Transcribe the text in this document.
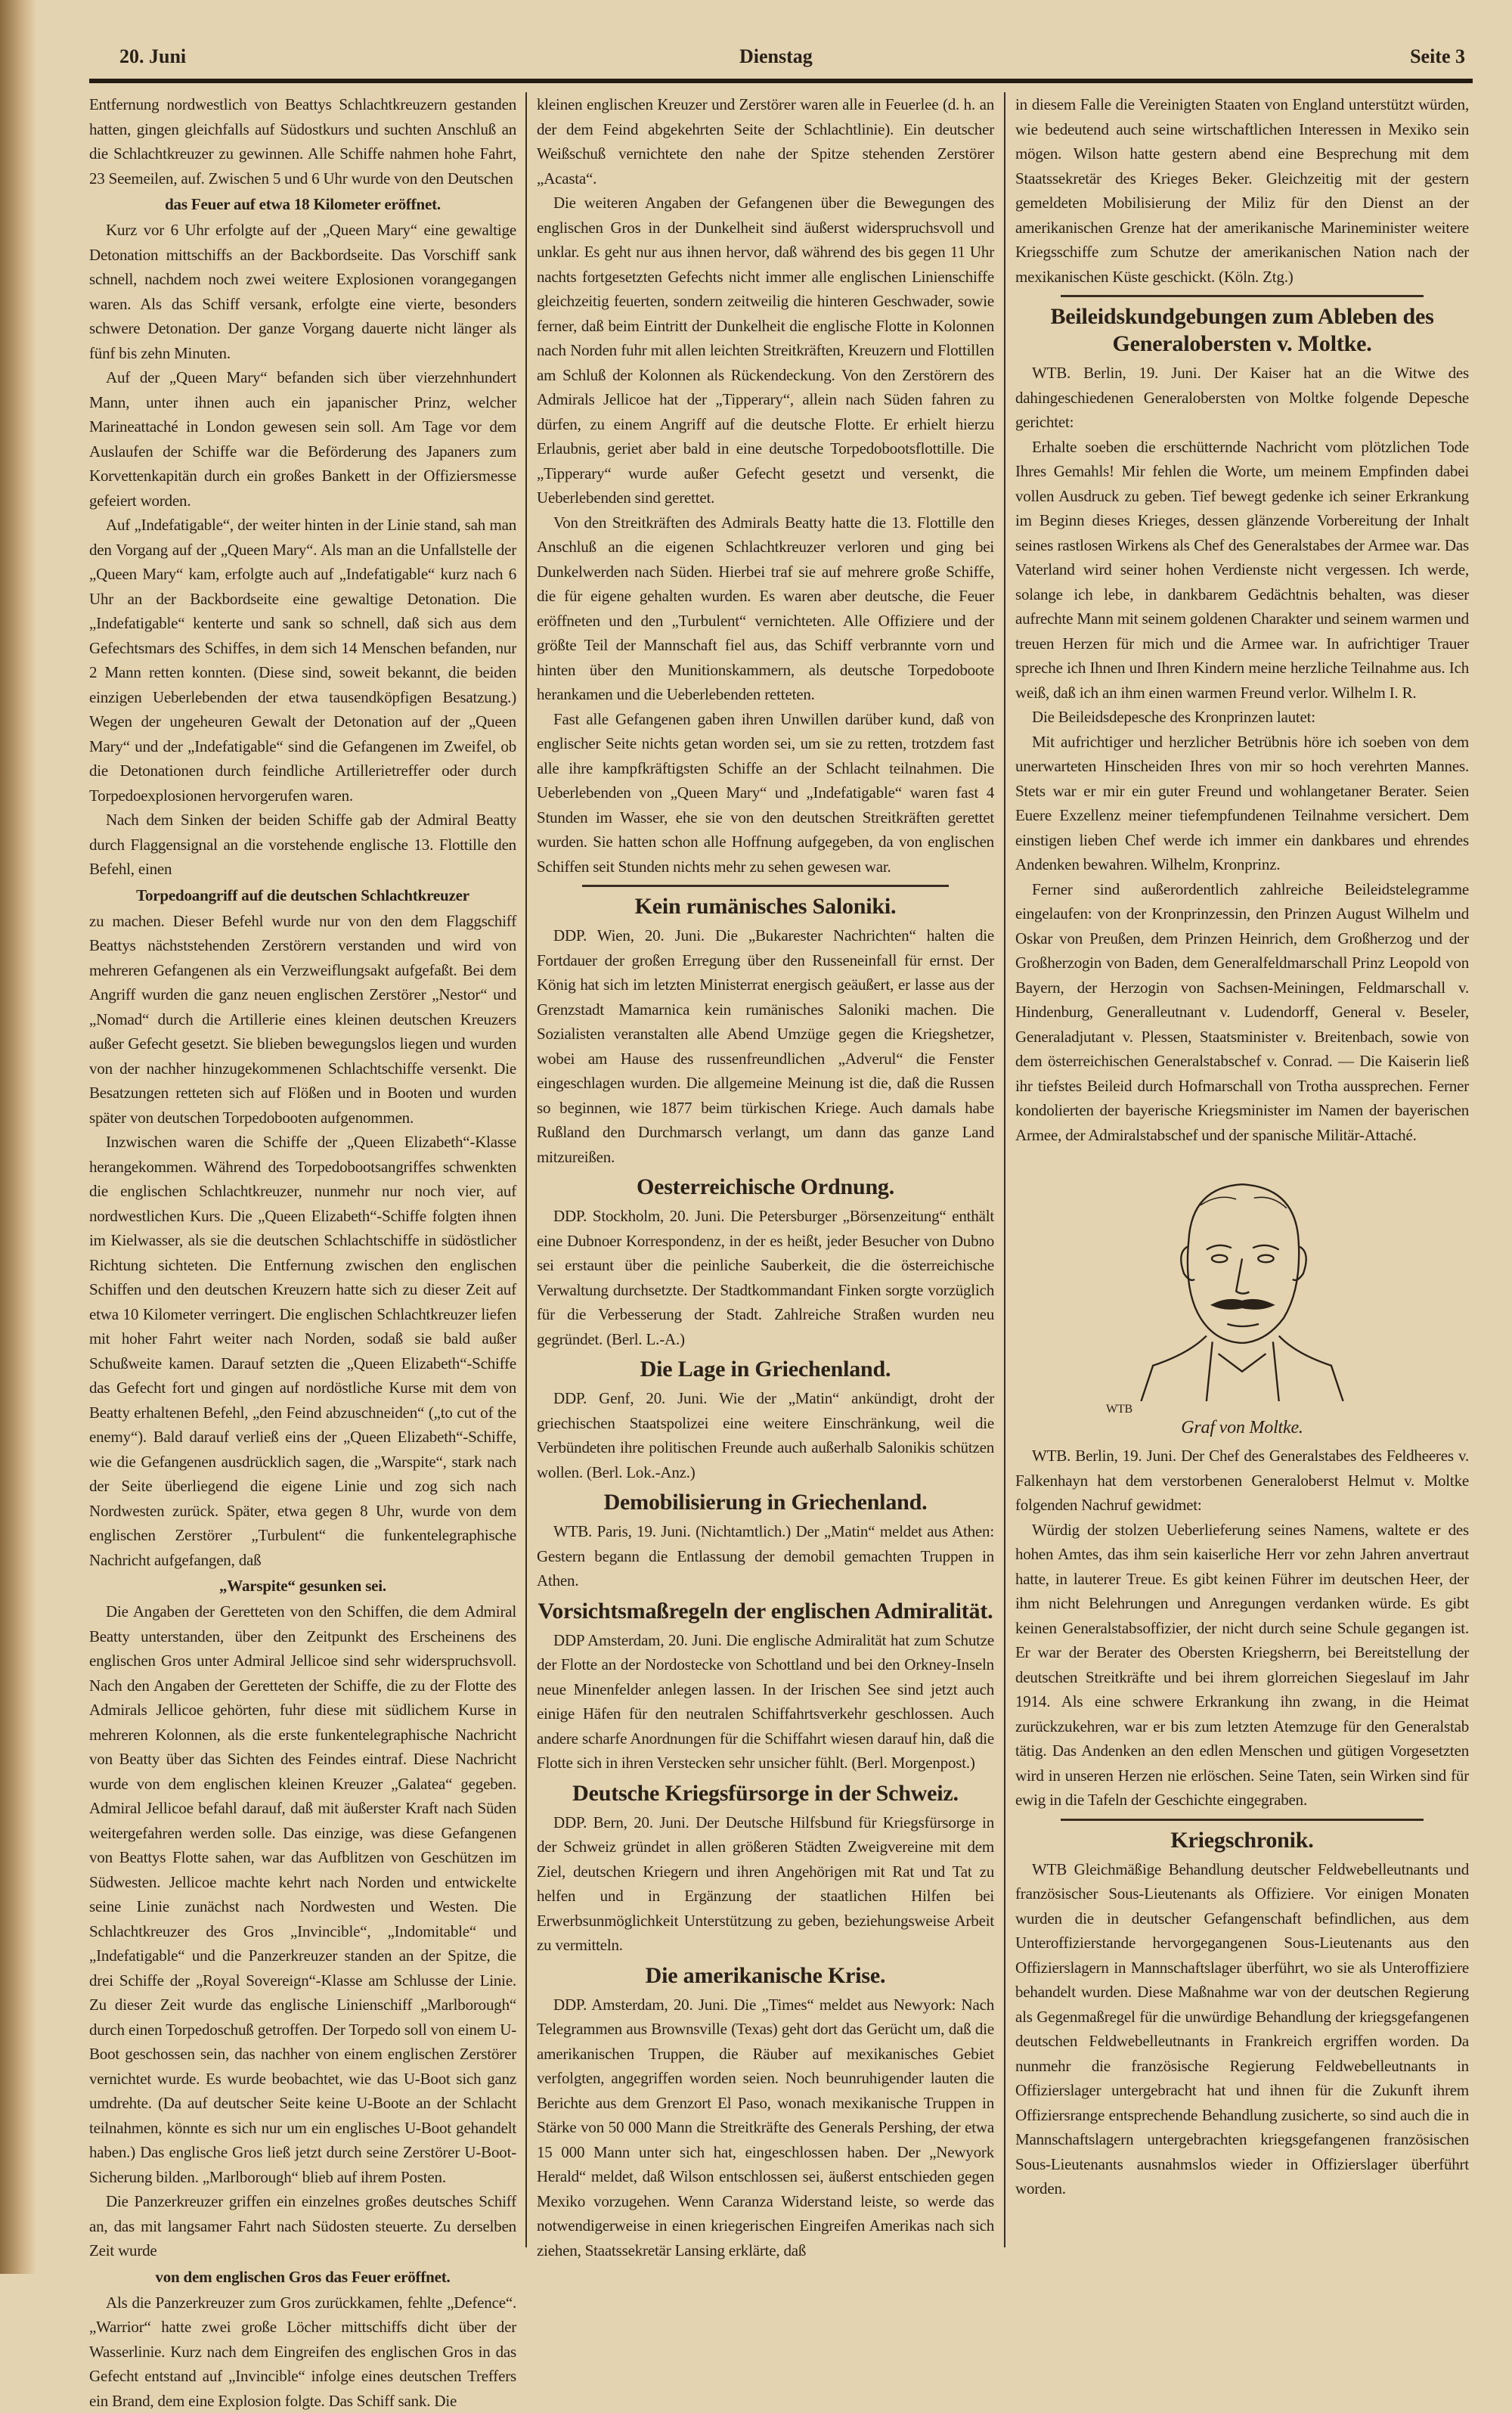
20. Juni	Dienstag	Seite 3

Entfernung nordwestlich von Beattys Schlachtkreuzern gestanden hatten, gingen gleichfalls auf Südostkurs und suchten Anschluß an die Schlachtkreuzer zu gewinnen. Alle Schiffe nahmen hohe Fahrt, 23 Seemeilen, auf. Zwischen 5 und 6 Uhr wurde von den Deutschen

das Feuer auf etwa 18 Kilometer eröffnet.

Kurz vor 6 Uhr erfolgte auf der „Queen Mary“ eine gewaltige Detonation mittschiffs an der Backbordseite. Das Vorschiff sank schnell, nachdem noch zwei weitere Explosionen vorangegangen waren. Als das Schiff versank, erfolgte eine vierte, besonders schwere Detonation. Der ganze Vorgang dauerte nicht länger als fünf bis zehn Minuten.

Auf der „Queen Mary“ befanden sich über vierzehnhundert Mann, unter ihnen auch ein japanischer Prinz, welcher Marineattaché in London gewesen sein soll. Am Tage vor dem Auslaufen der Schiffe war die Beförderung des Japaners zum Korvettenkapitän durch ein großes Bankett in der Offiziersmesse gefeiert worden.

Auf „Indefatigable“, der weiter hinten in der Linie stand, sah man den Vorgang auf der „Queen Mary“. Als man an die Unfallstelle der „Queen Mary“ kam, erfolgte auch auf „Indefatigable“ kurz nach 6 Uhr an der Backbordseite eine gewaltige Detonation. Die „Indefatigable“ kenterte und sank so schnell, daß sich aus dem Gefechtsmars des Schiffes, in dem sich 14 Menschen befanden, nur 2 Mann retten konnten. (Diese sind, soweit bekannt, die beiden einzigen Ueberlebenden der etwa tausendköpfigen Besatzung.) Wegen der ungeheuren Gewalt der Detonation auf der „Queen Mary“ und der „Indefatigable“ sind die Gefangenen im Zweifel, ob die Detonationen durch feindliche Artillerietreffer oder durch Torpedoexplosionen hervorgerufen waren.

Nach dem Sinken der beiden Schiffe gab der Admiral Beatty durch Flaggensignal an die vorstehende englische 13. Flottille den Befehl, einen

Torpedoangriff auf die deutschen Schlachtkreuzer

zu machen. Dieser Befehl wurde nur von den dem Flaggschiff Beattys nächststehenden Zerstörern verstanden und wird von mehreren Gefangenen als ein Verzweiflungsakt aufgefaßt. Bei dem Angriff wurden die ganz neuen englischen Zerstörer „Nestor“ und „Nomad“ durch die Artillerie eines kleinen deutschen Kreuzers außer Gefecht gesetzt. Sie blieben bewegungslos liegen und wurden von der nachher hinzugekommenen Schlachtschiffe versenkt. Die Besatzungen retteten sich auf Flößen und in Booten und wurden später von deutschen Torpedobooten aufgenommen.

Inzwischen waren die Schiffe der „Queen Elizabeth“-Klasse herangekommen. Während des Torpedobootsangriffes schwenkten die englischen Schlachtkreuzer, nunmehr nur noch vier, auf nordwestlichen Kurs. Die „Queen Elizabeth“-Schiffe folgten ihnen im Kielwasser, als sie die deutschen Schlachtschiffe in südöstlicher Richtung sichteten. Die Entfernung zwischen den englischen Schiffen und den deutschen Kreuzern hatte sich zu dieser Zeit auf etwa 10 Kilometer verringert. Die englischen Schlachtkreuzer liefen mit hoher Fahrt weiter nach Norden, sodaß sie bald außer Schußweite kamen. Darauf setzten die „Queen Elizabeth“-Schiffe das Gefecht fort und gingen auf nordöstliche Kurse mit dem von Beatty erhaltenen Befehl, „den Feind abzuschneiden“ („to cut of the enemy“). Bald darauf verließ eins der „Queen Elizabeth“-Schiffe, wie die Gefangenen ausdrücklich sagen, die „Warspite“, stark nach der Seite überliegend die eigene Linie und zog sich nach Nordwesten zurück. Später, etwa gegen 8 Uhr, wurde von dem englischen Zerstörer „Turbulent“ die funkentelegraphische Nachricht aufgefangen, daß

„Warspite“ gesunken sei.

Die Angaben der Geretteten von den Schiffen, die dem Admiral Beatty unterstanden, über den Zeitpunkt des Erscheinens des englischen Gros unter Admiral Jellicoe sind sehr widerspruchsvoll. Nach den Angaben der Geretteten der Schiffe, die zu der Flotte des Admirals Jellicoe gehörten, fuhr diese mit südlichem Kurse in mehreren Kolonnen, als die erste funkentelegraphische Nachricht von Beatty über das Sichten des Feindes eintraf. Diese Nachricht wurde von dem englischen kleinen Kreuzer „Galatea“ gegeben. Admiral Jellicoe befahl darauf, daß mit äußerster Kraft nach Süden weitergefahren werden solle. Das einzige, was diese Gefangenen von Beattys Flotte sahen, war das Aufblitzen von Geschützen im Südwesten. Jellicoe machte kehrt nach Norden und entwickelte seine Linie zunächst nach Nordwesten und Westen. Die Schlachtkreuzer des Gros „Invincible“, „Indomitable“ und „Indefatigable“ und die Panzerkreuzer standen an der Spitze, die drei Schiffe der „Royal Sovereign“-Klasse am Schlusse der Linie. Zu dieser Zeit wurde das englische Linienschiff „Marlborough“ durch einen Torpedoschuß getroffen. Der Torpedo soll von einem U-Boot geschossen sein, das nachher von einem englischen Zerstörer vernichtet wurde. Es wurde beobachtet, wie das U-Boot sich ganz umdrehte. (Da auf deutscher Seite keine U-Boote an der Schlacht teilnahmen, könnte es sich nur um ein englisches U-Boot gehandelt haben.) Das englische Gros ließ jetzt durch seine Zerstörer U-Boot-Sicherung bilden. „Marlborough“ blieb auf ihrem Posten.

Die Panzerkreuzer griffen ein einzelnes großes deutsches Schiff an, das mit langsamer Fahrt nach Südosten steuerte. Zu derselben Zeit wurde

von dem englischen Gros das Feuer eröffnet.

Als die Panzerkreuzer zum Gros zurückkamen, fehlte „Defence“. „Warrior“ hatte zwei große Löcher mittschiffs dicht über der Wasserlinie. Kurz nach dem Eingreifen des englischen Gros in das Gefecht entstand auf „Invincible“ infolge eines deutschen Treffers ein Brand, dem eine Explosion folgte. Das Schiff sank. Die

kleinen englischen Kreuzer und Zerstörer waren alle in Feuerlee (d. h. an der dem Feind abgekehrten Seite der Schlachtlinie). Ein deutscher Weißschuß vernichtete den nahe der Spitze stehenden Zerstörer „Acasta“.

Die weiteren Angaben der Gefangenen über die Bewegungen des englischen Gros in der Dunkelheit sind äußerst widerspruchsvoll und unklar. Es geht nur aus ihnen hervor, daß während des bis gegen 11 Uhr nachts fortgesetzten Gefechts nicht immer alle englischen Linienschiffe gleichzeitig feuerten, sondern zeitweilig die hinteren Geschwader, sowie ferner, daß beim Eintritt der Dunkelheit die englische Flotte in Kolonnen nach Norden fuhr mit allen leichten Streitkräften, Kreuzern und Flottillen am Schluß der Kolonnen als Rückendeckung. Von den Zerstörern des Admirals Jellicoe hat der „Tipperary“, allein nach Süden fahren zu dürfen, zu einem Angriff auf die deutsche Flotte. Er erhielt hierzu Erlaubnis, geriet aber bald in eine deutsche Torpedobootsflottille. Die „Tipperary“ wurde außer Gefecht gesetzt und versenkt, die Ueberlebenden sind gerettet.

Von den Streitkräften des Admirals Beatty hatte die 13. Flottille den Anschluß an die eigenen Schlachtkreuzer verloren und ging bei Dunkelwerden nach Süden. Hierbei traf sie auf mehrere große Schiffe, die für eigene gehalten wurden. Es waren aber deutsche, die Feuer eröffneten und den „Turbulent“ vernichteten. Alle Offiziere und der größte Teil der Mannschaft fiel aus, das Schiff verbrannte vorn und hinten über den Munitionskammern, als deutsche Torpedoboote herankamen und die Ueberlebenden retteten.

Fast alle Gefangenen gaben ihren Unwillen darüber kund, daß von englischer Seite nichts getan worden sei, um sie zu retten, trotzdem fast alle ihre kampfkräftigsten Schiffe an der Schlacht teilnahmen. Die Ueberlebenden von „Queen Mary“ und „Indefatigable“ waren fast 4 Stunden im Wasser, ehe sie von den deutschen Streitkräften gerettet wurden. Sie hatten schon alle Hoffnung aufgegeben, da von englischen Schiffen seit Stunden nichts mehr zu sehen gewesen war.

Kein rumänisches Saloniki.

DDP. Wien, 20. Juni. Die „Bukarester Nachrichten“ halten die Fortdauer der großen Erregung über den Russeneinfall für ernst. Der König hat sich im letzten Ministerrat energisch geäußert, er lasse aus der Grenzstadt Mamarnica kein rumänisches Saloniki machen. Die Sozialisten veranstalten alle Abend Umzüge gegen die Kriegshetzer, wobei am Hause des russenfreundlichen „Adverul“ die Fenster eingeschlagen wurden. Die allgemeine Meinung ist die, daß die Russen so beginnen, wie 1877 beim türkischen Kriege. Auch damals habe Rußland den Durchmarsch verlangt, um dann das ganze Land mitzureißen.

Oesterreichische Ordnung.

DDP. Stockholm, 20. Juni. Die Petersburger „Börsenzeitung“ enthält eine Dubnoer Korrespondenz, in der es heißt, jeder Besucher von Dubno sei erstaunt über die peinliche Sauberkeit, die die österreichische Verwaltung durchsetzte. Der Stadtkommandant Finken sorgte vorzüglich für die Verbesserung der Stadt. Zahlreiche Straßen wurden neu gegründet. (Berl. L.-A.)

Die Lage in Griechenland.

DDP. Genf, 20. Juni. Wie der „Matin“ ankündigt, droht der griechischen Staatspolizei eine weitere Einschränkung, weil die Verbündeten ihre politischen Freunde auch außerhalb Salonikis schützen wollen. (Berl. Lok.-Anz.)

Demobilisierung in Griechenland.

WTB. Paris, 19. Juni. (Nichtamtlich.) Der „Matin“ meldet aus Athen: Gestern begann die Entlassung der demobil gemachten Truppen in Athen.

Vorsichtsmaßregeln der englischen Admiralität.

DDP Amsterdam, 20. Juni. Die englische Admiralität hat zum Schutze der Flotte an der Nordostecke von Schottland und bei den Orkney-Inseln neue Minenfelder anlegen lassen. In der Irischen See sind jetzt auch einige Häfen für den neutralen Schiffahrtsverkehr geschlossen. Auch andere scharfe Anordnungen für die Schiffahrt wiesen darauf hin, daß die Flotte sich in ihren Verstecken sehr unsicher fühlt. (Berl. Morgenpost.)

Deutsche Kriegsfürsorge in der Schweiz.

DDP. Bern, 20. Juni. Der Deutsche Hilfsbund für Kriegsfürsorge in der Schweiz gründet in allen größeren Städten Zweigvereine mit dem Ziel, deutschen Kriegern und ihren Angehörigen mit Rat und Tat zu helfen und in Ergänzung der staatlichen Hilfen bei Erwerbsunmöglichkeit Unterstützung zu geben, beziehungsweise Arbeit zu vermitteln.

Die amerikanische Krise.

DDP. Amsterdam, 20. Juni. Die „Times“ meldet aus Newyork: Nach Telegrammen aus Brownsville (Texas) geht dort das Gerücht um, daß die amerikanischen Truppen, die Räuber auf mexikanisches Gebiet verfolgten, angegriffen worden seien. Noch beunruhigender lauten die Berichte aus dem Grenzort El Paso, wonach mexikanische Truppen in Stärke von 50 000 Mann die Streitkräfte des Generals Pershing, der etwa 15 000 Mann unter sich hat, eingeschlossen haben. Der „Newyork Herald“ meldet, daß Wilson entschlossen sei, äußerst entschieden gegen Mexiko vorzugehen. Wenn Caranza Widerstand leiste, so werde das notwendigerweise in einen kriegerischen Eingreifen Amerikas nach sich ziehen, Staatssekretär Lansing erklärte, daß

in diesem Falle die Vereinigten Staaten von England unterstützt würden, wie bedeutend auch seine wirtschaftlichen Interessen in Mexiko sein mögen. Wilson hatte gestern abend eine Besprechung mit dem Staatssekretär des Krieges Beker. Gleichzeitig mit der gestern gemeldeten Mobilisierung der Miliz für den Dienst an der amerikanischen Grenze hat der amerikanische Marineminister weitere Kriegsschiffe zum Schutze der amerikanischen Nation nach der mexikanischen Küste geschickt. (Köln. Ztg.)

Beileidskundgebungen zum Ableben des Generalobersten v. Moltke.

WTB. Berlin, 19. Juni. Der Kaiser hat an die Witwe des dahingeschiedenen Generalobersten von Moltke folgende Depesche gerichtet:

Erhalte soeben die erschütternde Nachricht vom plötzlichen Tode Ihres Gemahls! Mir fehlen die Worte, um meinem Empfinden dabei vollen Ausdruck zu geben. Tief bewegt gedenke ich seiner Erkrankung im Beginn dieses Krieges, dessen glänzende Vorbereitung der Inhalt seines rastlosen Wirkens als Chef des Generalstabes der Armee war. Das Vaterland wird seiner hohen Verdienste nicht vergessen. Ich werde, solange ich lebe, in dankbarem Gedächtnis behalten, was dieser aufrechte Mann mit seinem goldenen Charakter und seinem warmen und treuen Herzen für mich und die Armee war. In aufrichtiger Trauer spreche ich Ihnen und Ihren Kindern meine herzliche Teilnahme aus. Ich weiß, daß ich an ihm einen warmen Freund verlor. Wilhelm I. R.

Die Beileidsdepesche des Kronprinzen lautet:

Mit aufrichtiger und herzlicher Betrübnis höre ich soeben von dem unerwarteten Hinscheiden Ihres von mir so hoch verehrten Mannes. Stets war er mir ein guter Freund und wohlangetaner Berater. Seien Euere Exzellenz meiner tiefempfundenen Teilnahme versichert. Dem einstigen lieben Chef werde ich immer ein dankbares und ehrendes Andenken bewahren. Wilhelm, Kronprinz.

Ferner sind außerordentlich zahlreiche Beileidstelegramme eingelaufen: von der Kronprinzessin, den Prinzen August Wilhelm und Oskar von Preußen, dem Prinzen Heinrich, dem Großherzog und der Großherzogin von Baden, dem Generalfeldmarschall Prinz Leopold von Bayern, der Herzogin von Sachsen-Meiningen, Feldmarschall v. Hindenburg, Generalleutnant v. Ludendorff, General v. Beseler, Generaladjutant v. Plessen, Staatsminister v. Breitenbach, sowie von dem österreichischen Generalstabschef v. Conrad. — Die Kaiserin ließ ihr tiefstes Beileid durch Hofmarschall von Trotha aussprechen. Ferner kondolierten der bayerische Kriegsminister im Namen der bayerischen Armee, der Admiralstabschef und der spanische Militär-Attaché.

WTB
Graf von Moltke.

WTB. Berlin, 19. Juni. Der Chef des Generalstabes des Feldheeres v. Falkenhayn hat dem verstorbenen Generaloberst Helmut v. Moltke folgenden Nachruf gewidmet:

Würdig der stolzen Ueberlieferung seines Namens, waltete er des hohen Amtes, das ihm sein kaiserliche Herr vor zehn Jahren anvertraut hatte, in lauterer Treue. Es gibt keinen Führer im deutschen Heer, der ihm nicht Belehrungen und Anregungen verdanken würde. Es gibt keinen Generalstabsoffizier, der nicht durch seine Schule gegangen ist. Er war der Berater des Obersten Kriegsherrn, bei Bereitstellung der deutschen Streitkräfte und bei ihrem glorreichen Siegeslauf im Jahr 1914. Als eine schwere Erkrankung ihn zwang, in die Heimat zurückzukehren, war er bis zum letzten Atemzuge für den Generalstab tätig. Das Andenken an den edlen Menschen und gütigen Vorgesetzten wird in unseren Herzen nie erlöschen. Seine Taten, sein Wirken sind für ewig in die Tafeln der Geschichte eingegraben.

Kriegschronik.

WTB Gleichmäßige Behandlung deutscher Feldwebelleutnants und französischer Sous-Lieutenants als Offiziere. Vor einigen Monaten wurden die in deutscher Gefangenschaft befindlichen, aus dem Unteroffizierstande hervorgegangenen Sous-Lieutenants aus den Offizierslagern in Mannschaftslager überführt, wo sie als Unteroffiziere behandelt wurden. Diese Maßnahme war von der deutschen Regierung als Gegenmaßregel für die unwürdige Behandlung der kriegsgefangenen deutschen Feldwebelleutnants in Frankreich ergriffen worden. Da nunmehr die französische Regierung Feldwebelleutnants in Offizierslager untergebracht hat und ihnen für die Zukunft ihrem Offiziersrange entsprechende Behandlung zusicherte, so sind auch die in Mannschaftslagern untergebrachten kriegsgefangenen französischen Sous-Lieutenants ausnahmslos wieder in Offizierslager überführt worden.
